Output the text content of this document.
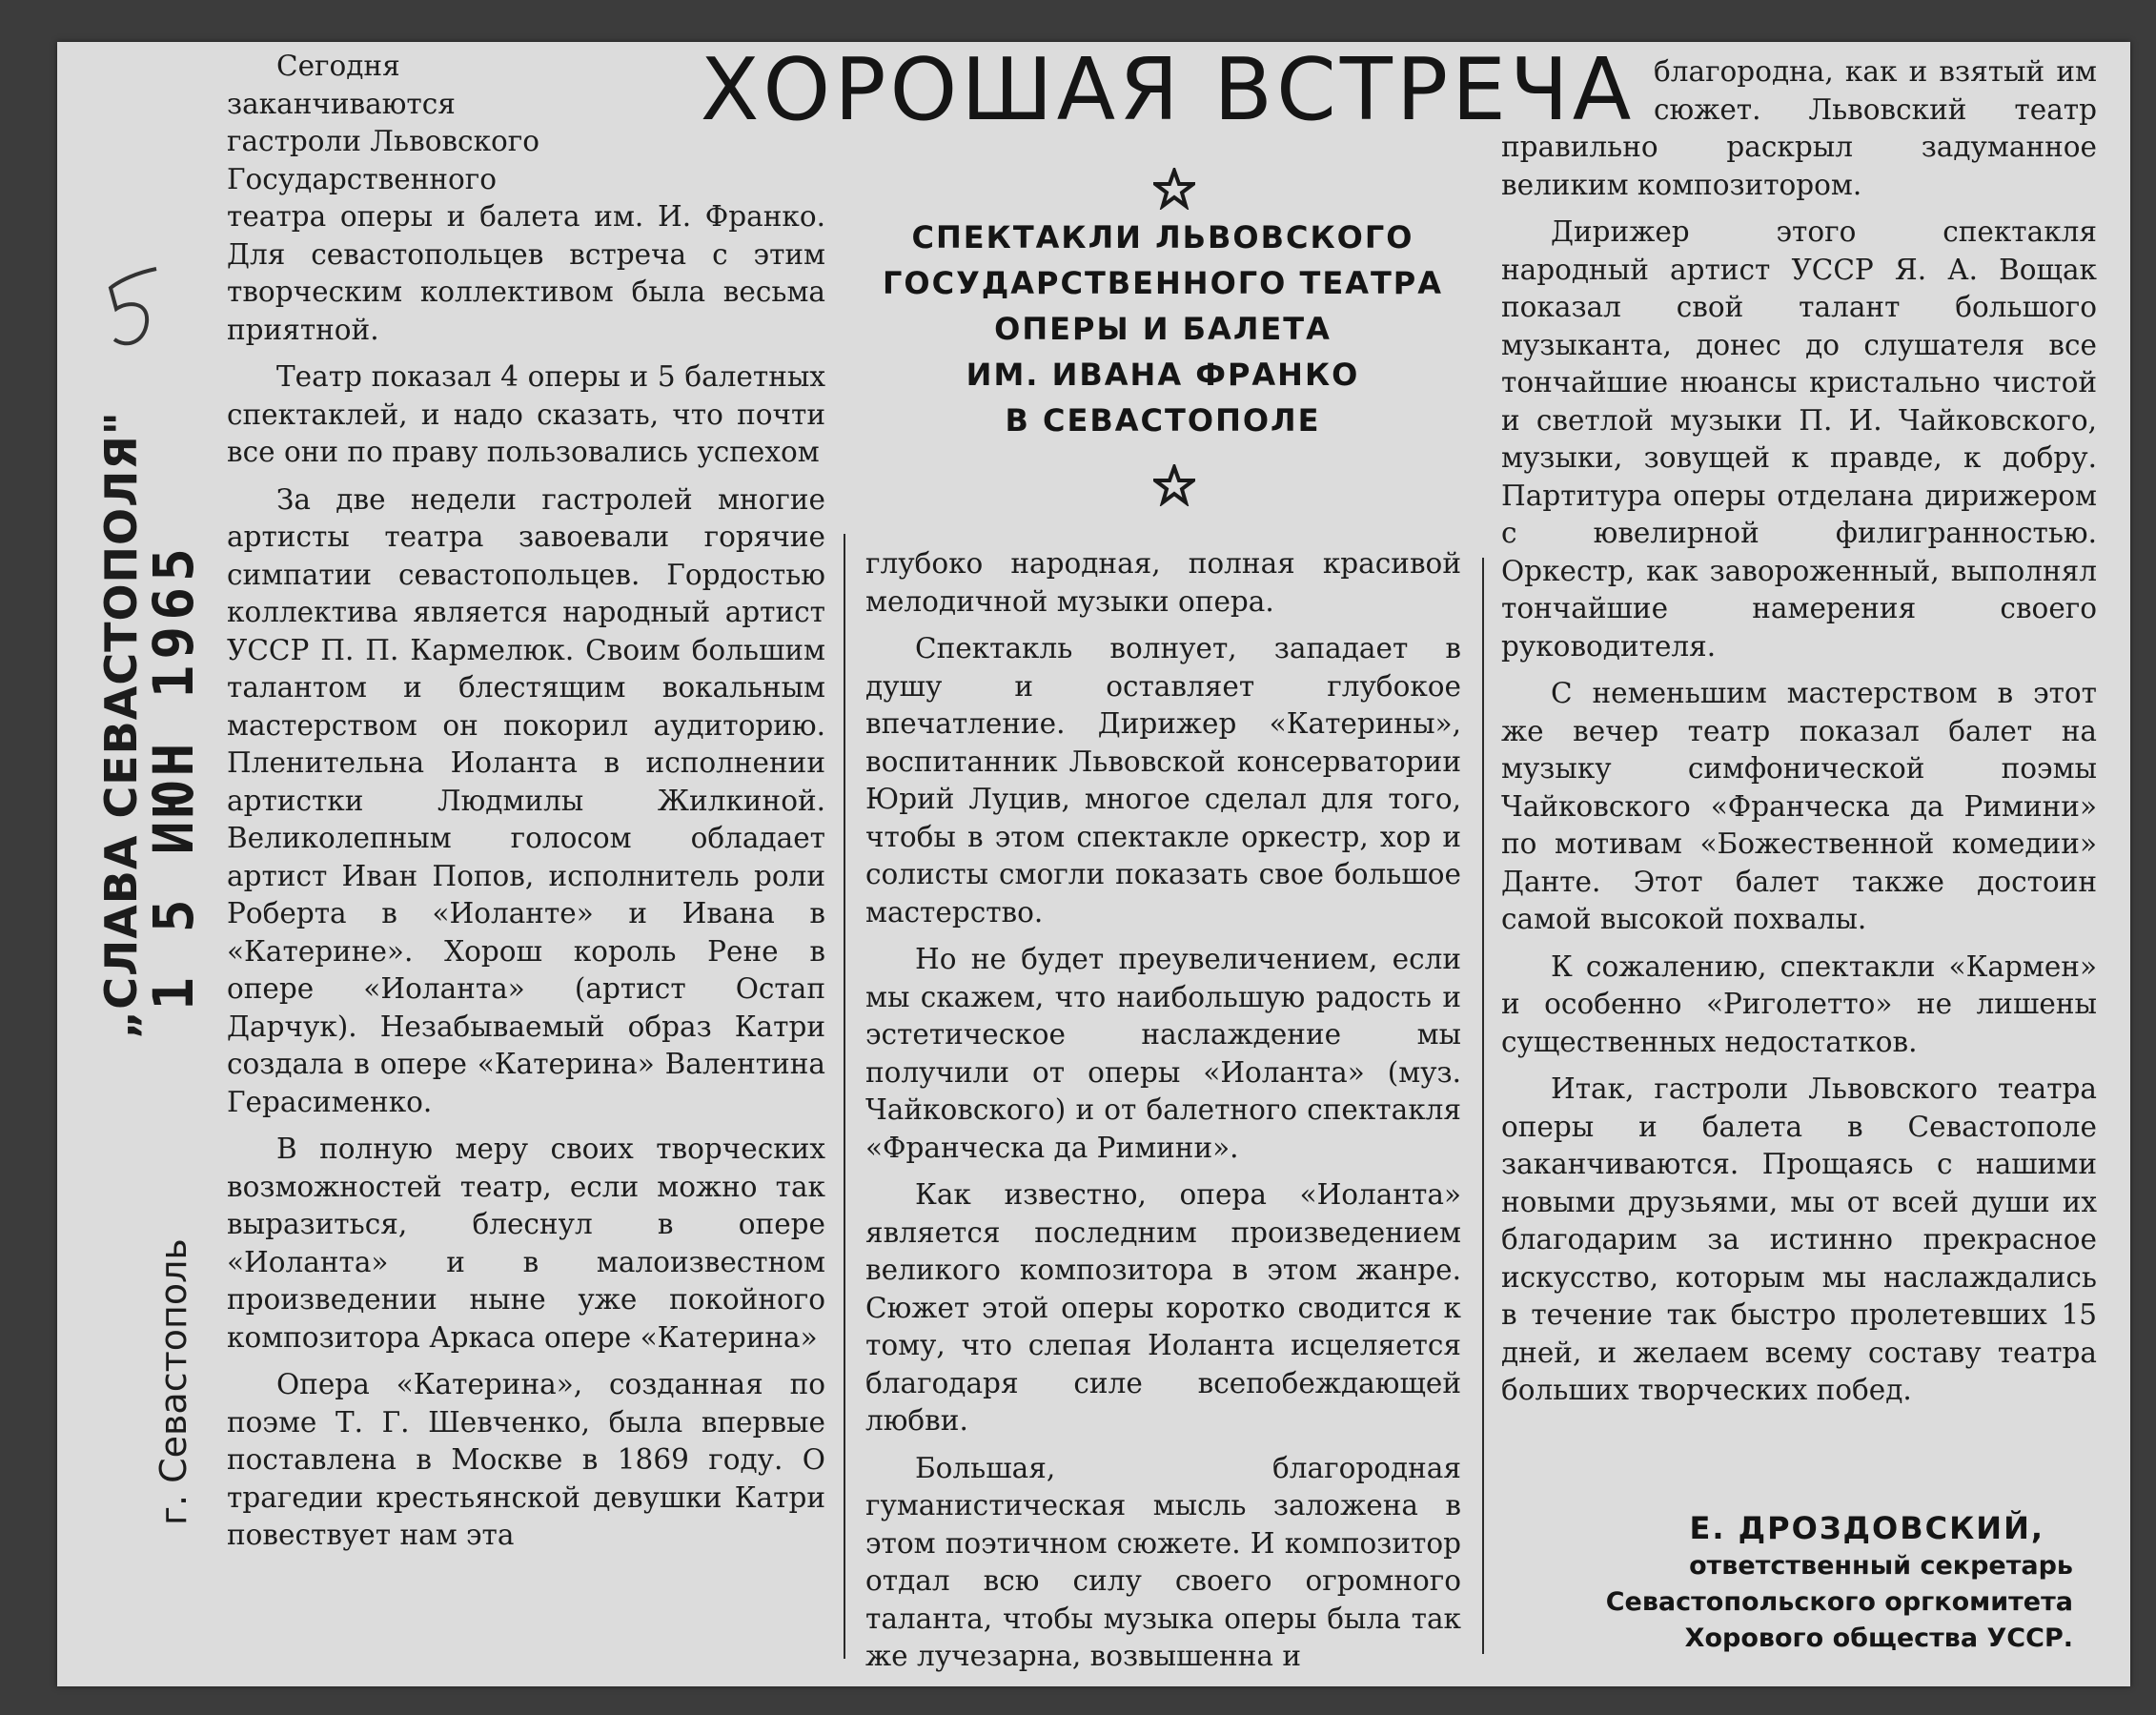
1 5 ИЮН 1965
„СЛАВА СЕВАСТОПОЛЯ"
г. Севастополь
ХОРОШАЯ ВСТРЕЧА

Сегодня заканчиваются гастроли Львовского Государственного театра оперы и балета им. И. Франко. Для севастопольцев встреча с этим творческим коллективом была весьма приятной.

Театр показал 4 оперы и 5 балетных спектаклей, и надо сказать, что почти все они по праву пользовались успехом

За две недели гастролей многие артисты театра завоевали горячие симпатии севастопольцев. Гордостью коллектива является народный артист УССР П. П. Кармелюк. Своим большим талантом и блестящим вокальным мастерством он покорил аудиторию. Пленительна Иоланта в исполнении артистки Людмилы Жилкиной. Великолепным голосом обладает артист Иван Попов, исполнитель роли Роберта в «Иоланте» и Ивана в «Катерине». Хорош король Рене в опере «Иоланта» (артист Остап Дарчук). Незабываемый образ Катри создала в опере «Катерина» Валентина Герасименко.

В полную меру своих творческих возможностей театр, если можно так выразиться, блеснул в опере «Иоланта» и в малоизвестном произведении ныне уже покойного композитора Аркаса опере «Катерина»

Опера «Катерина», созданная по поэме Т. Г. Шевченко, была впервые поставлена в Москве в 1869 году. О трагедии крестьянской девушки Катри повествует нам эта

СПЕКТАКЛИ ЛЬВОВСКОГО
ГОСУДАРСТВЕННОГО ТЕАТРА
ОПЕРЫ И БАЛЕТА
ИМ. ИВАНА ФРАНКО
В СЕВАСТОПОЛЕ

глубоко народная, полная красивой мелодичной музыки опера.

Спектакль волнует, западает в душу и оставляет глубокое впечатление. Дирижер «Катерины», воспитанник Львовской консерватории Юрий Луцив, многое сделал для того, чтобы в этом спектакле оркестр, хор и солисты смогли показать свое большое мастерство.

Но не будет преувеличением, если мы скажем, что наибольшую радость и эстетическое наслаждение мы получили от оперы «Иоланта» (муз. Чайковского) и от балетного спектакля «Франческа да Римини».

Как известно, опера «Иоланта» является последним произведением великого композитора в этом жанре. Сюжет этой оперы коротко сводится к тому, что слепая Иоланта исцеляется благодаря силе всепобеждающей любви.

Большая, благородная гуманистическая мысль заложена в этом поэтичном сюжете. И композитор отдал всю силу своего огромного таланта, чтобы музыка оперы была так же лучезарна, возвышенна и

благородна, как и взятый им сюжет. Львовский театр правильно раскрыл задуманное великим композитором.

Дирижер этого спектакля народный артист УССР Я. А. Вощак показал свой талант большого музыканта, донес до слушателя все тончайшие нюансы кристально чистой и светлой музыки П. И. Чайковского, музыки, зовущей к правде, к добру. Партитура оперы отделана дирижером с ювелирной филигранностью. Оркестр, как завороженный, выполнял тончайшие намерения своего руководителя.

С неменьшим мастерством в этот же вечер театр показал балет на музыку симфонической поэмы Чайковского «Франческа да Римини» по мотивам «Божественной комедии» Данте. Этот балет также достоин самой высокой похвалы.

К сожалению, спектакли «Кармен» и особенно «Риголетто» не лишены существенных недостатков.

Итак, гастроли Львовского театра оперы и балета в Севастополе заканчиваются. Прощаясь с нашими новыми друзьями, мы от всей души их благодарим за истинно прекрасное искусство, которым мы наслаждались в течение так быстро пролетевших 15 дней, и желаем всему составу театра больших творческих побед.

Е. ДРОЗДОВСКИЙ,
ответственный секретарь
Севастопольского оргкомитета
Хорового общества УССР.
